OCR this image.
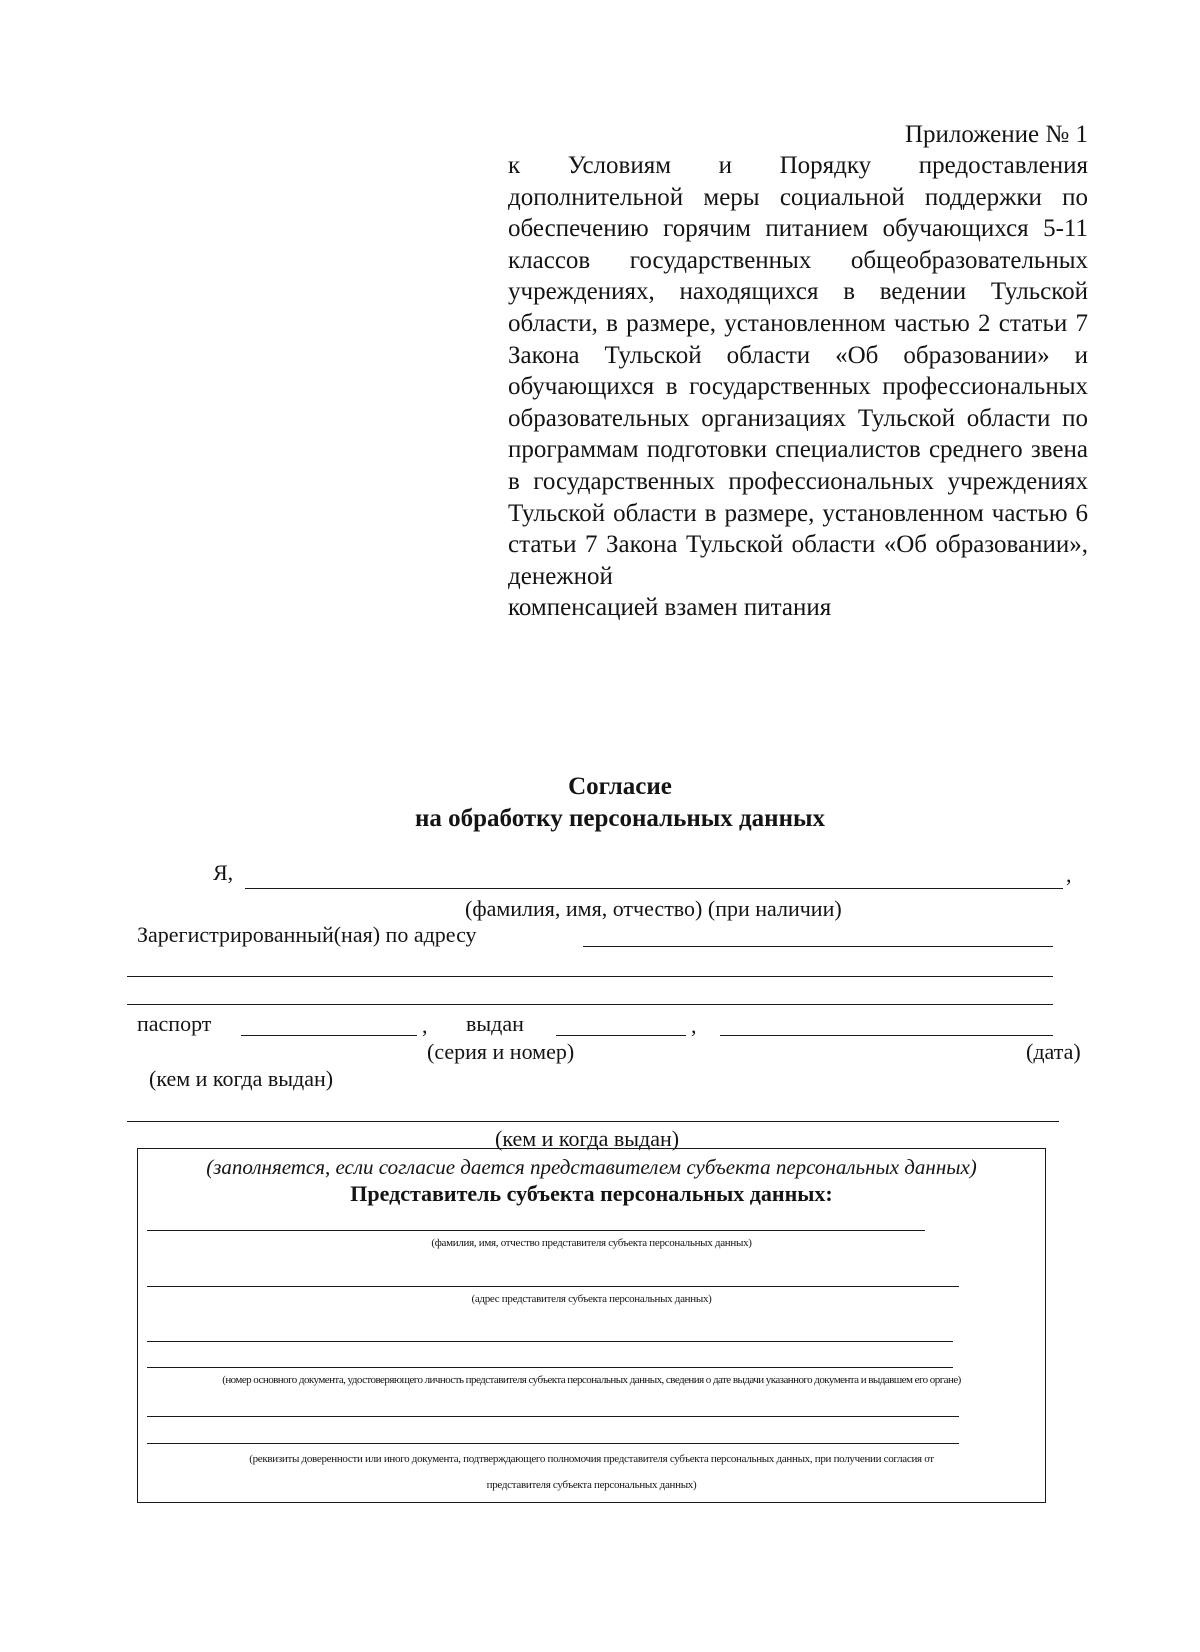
Приложение № 1
к Условиям и Порядку предоставления дополнительной меры социальной поддержки по обеспечению горячим питанием обучающихся 5-11 классов государственных общеобразовательных учреждениях, находящихся в ведении Тульской области, в размере, установленном частью 2 статьи 7 Закона Тульской области «Об образовании» и обучающихся в государственных профессиональных образовательных организациях Тульской области по программам подготовки специалистов среднего звена в государственных профессиональных учреждениях Тульской области в размере, установленном частью 6 статьи 7 Закона Тульской области «Об образовании», денежной
компенсацией взамен питания
Согласие
на обработку персональных данных
Я,	,
(фамилия, имя, отчество) (при наличии)
Зарегистрированный(ная) по адресу
паспорт	, выдан	,
(серия и номер)	(дата)
(кем и когда выдан)
(кем и когда выдан)
(заполняется, если согласие дается представителем субъекта персональных данных)
Представитель субъекта персональных данных:
(фамилия, имя, отчество представителя субъекта персональных данных)
(адрес представителя субъекта персональных данных)
(номер основного документа, удостоверяющего личность представителя субъекта персональных данных, сведения о дате выдачи указанного документа и выдавшем его органе)
(реквизиты доверенности или иного документа, подтверждающего полномочия представителя субъекта персональных данных, при получении согласия от
представителя субъекта персональных данных)
